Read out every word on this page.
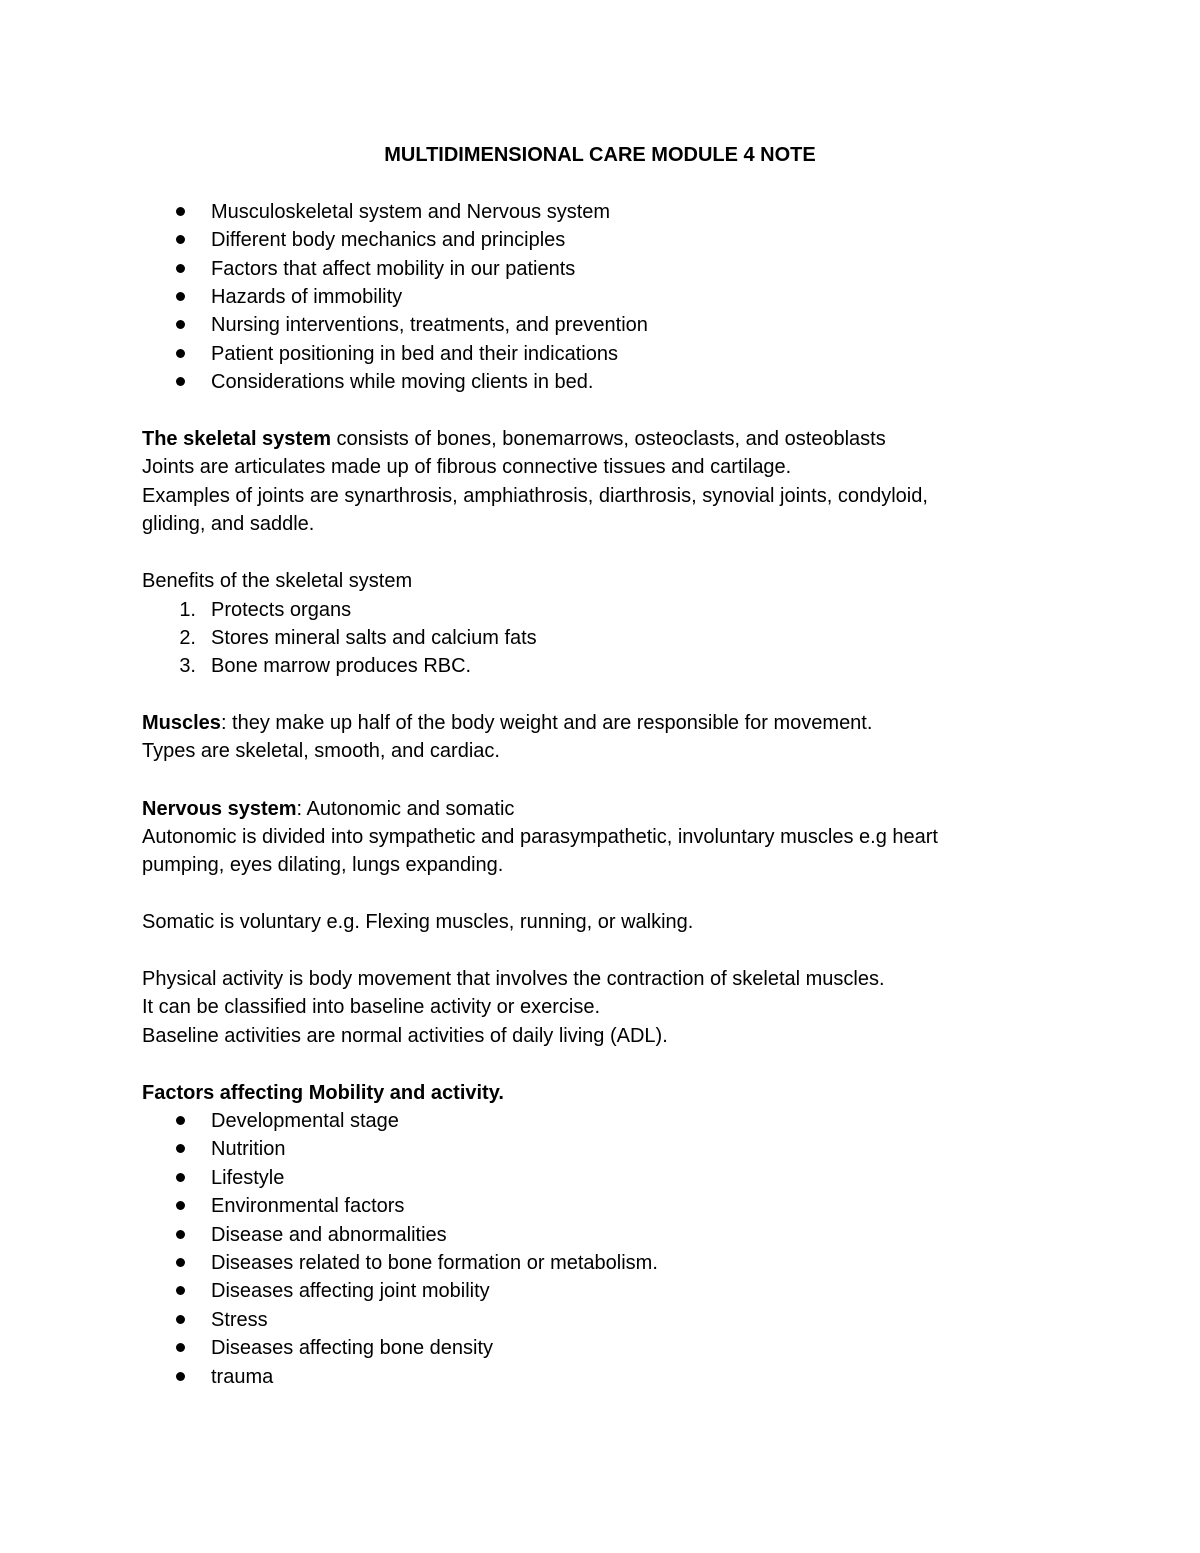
MULTIDIMENSIONAL CARE MODULE 4 NOTE
Musculoskeletal system and Nervous system
Different body mechanics and principles
Factors that affect mobility in our patients
Hazards of immobility
Nursing interventions, treatments, and prevention
Patient positioning in bed and their indications
Considerations while moving clients in bed.
The skeletal system consists of bones, bonemarrows, osteoclasts, and osteoblasts
Joints are articulates made up of fibrous connective tissues and cartilage.
Examples of joints are synarthrosis, amphiathrosis, diarthrosis, synovial joints, condyloid,
gliding, and saddle.
Benefits of the skeletal system
1. Protects organs
2. Stores mineral salts and calcium fats
3. Bone marrow produces RBC.
Muscles: they make up half of the body weight and are responsible for movement.
Types are skeletal, smooth, and cardiac.
Nervous system: Autonomic and somatic
Autonomic is divided into sympathetic and parasympathetic, involuntary muscles e.g heart
pumping, eyes dilating, lungs expanding.
Somatic is voluntary e.g. Flexing muscles, running, or walking.
Physical activity is body movement that involves the contraction of skeletal muscles.
It can be classified into baseline activity or exercise.
Baseline activities are normal activities of daily living (ADL).
Factors affecting Mobility and activity.
Developmental stage
Nutrition
Lifestyle
Environmental factors
Disease and abnormalities
Diseases related to bone formation or metabolism.
Diseases affecting joint mobility
Stress
Diseases affecting bone density
trauma
